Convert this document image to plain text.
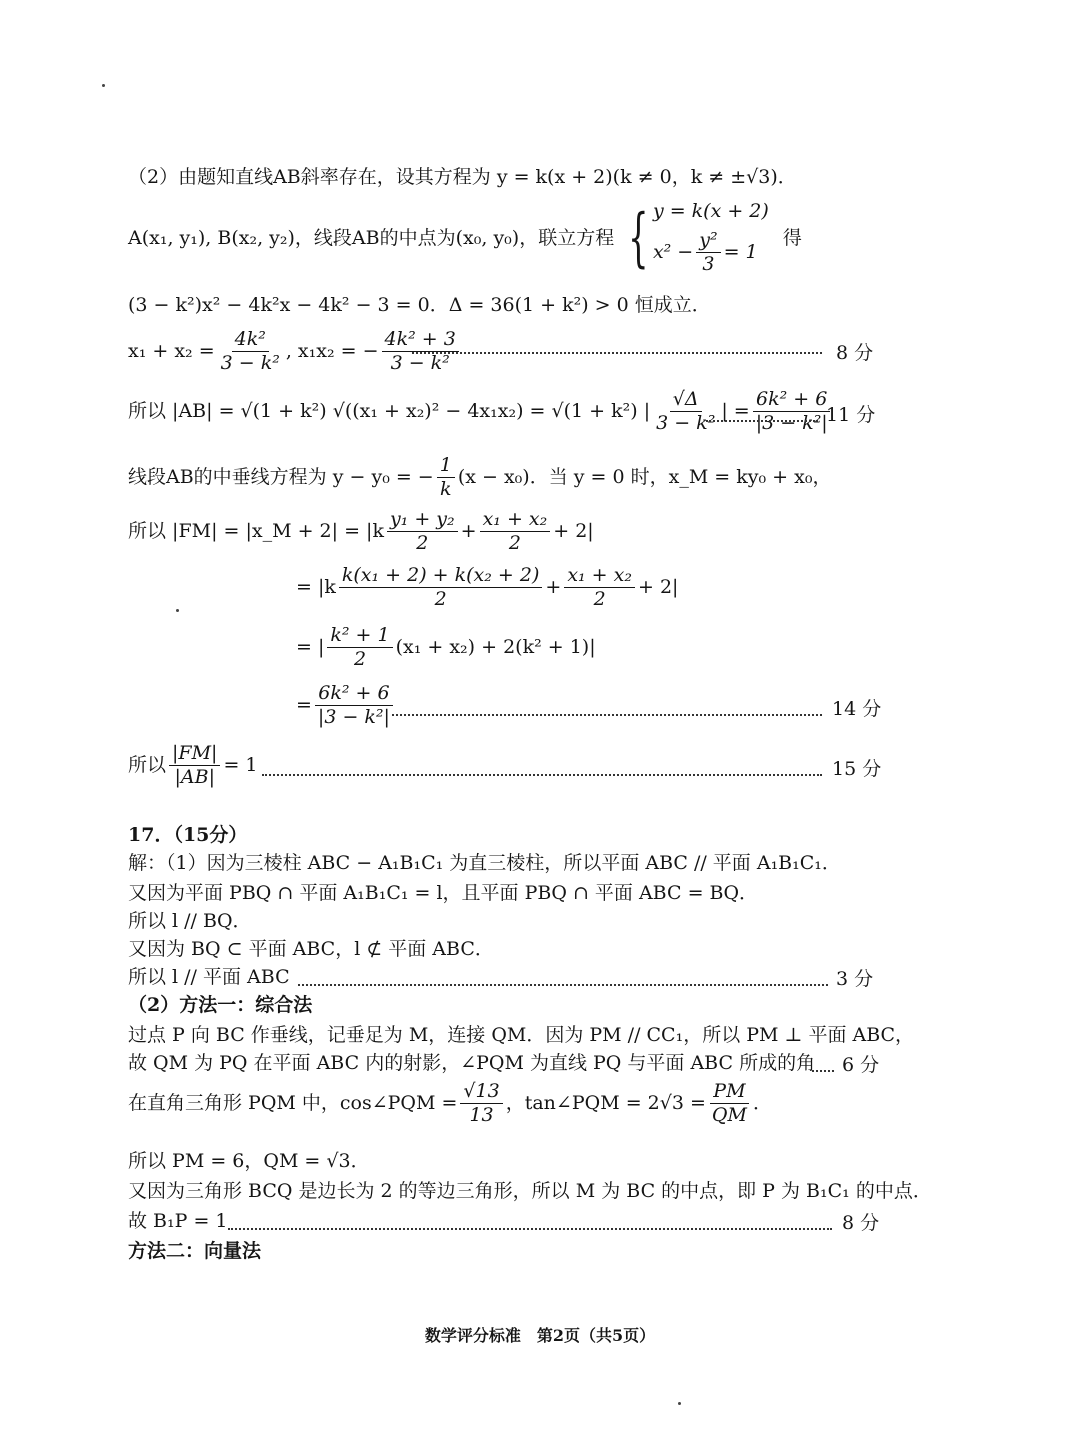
（2）由题知直线AB斜率存在，设其方程为 y = k(x + 2)(k ≠ 0，k ≠ ±√3)．
A(x₁, y₁), B(x₂, y₂)，线段AB的中点为(x₀, y₀)，联立方程 { y = k(x + 2)
$x^2 - \frac{\text{y²}}{3} = 1$
得
(3 − k²)x² − 4k²x − 4k² − 3 = 0．Δ = 36(1 + k²) > 0 恒成立．
$x_1 + x_2 = \frac{\text{4k²}}{\text{3 − k²}}$ , x₁x₂ = − $\frac{\text{4k² + 3}}{\text{3 − k²}}$	8 分
所以 |AB| = √(1 + k²) √((x₁ + x₂)² − 4x₁x₂) = √(1 + k²) | $\frac{√\Delta}{\text{3 − k²}}$ | = $\frac{\text{6k² + 6}}{\text{|3 − k²|}}$
11 分
线段AB的中垂线方程为 y − y₀ = − $\frac{1}{k} (x - x_0)$．当 y = 0 时，x_M = ky₀ + x₀，
所以 |FM| = |x_M + $2| = |k \frac{\text{y₁ + y₂}}{2} + \frac{\text{x₁ + x₂}}{2} + 2|$
= $|k \frac{\text{k(x₁ + 2) + k(x₂ + 2)}}{2} + \frac{\text{x₁ + x₂}}{2} + 2|$
= | $\frac{\text{k² + 1}}{2} (x_1 + x_2) + 2(k^2 + 1)|$
= $\frac{\text{6k² + 6}}{\text{|3 − k²|}}$	14 分
所以 $\frac{|FM|}{|AB|} = 1$	15 分
17．（15分）
解：（1）因为三棱柱 ABC − A₁B₁C₁ 为直三棱柱，所以平面 ABC // 平面 A₁B₁C₁．
又因为平面 PBQ ∩ 平面 A₁B₁C₁ = l，且平面 PBQ ∩ 平面 ABC = BQ．
所以 l // BQ．
又因为 BQ ⊂ 平面 ABC，l ⊄ 平面 ABC．
所以 l // 平面 ABC	3 分
（2）方法一：综合法
过点 P 向 BC 作垂线，记垂足为 M，连接 QM．因为 PM // CC₁，所以 PM ⊥ 平面 ABC，
故 QM 为 PQ 在平面 ABC 内的射影，∠PQM 为直线 PQ 与平面 ABC 所成的角 6 分
在直角三角形 PQM 中，cos∠PQM = $\frac{√13}{13}$ ，tan∠PQM = $2√3 = \frac{PM}{QM}$ ．
所以 PM = 6，QM = √3．
又因为三角形 BCQ 是边长为 2 的等边三角形，所以 M 为 BC 的中点，即 P 为 B₁C₁ 的中点．
故 B₁P = 1	8 分
方法二：向量法
数学评分标准　第2页（共5页）
